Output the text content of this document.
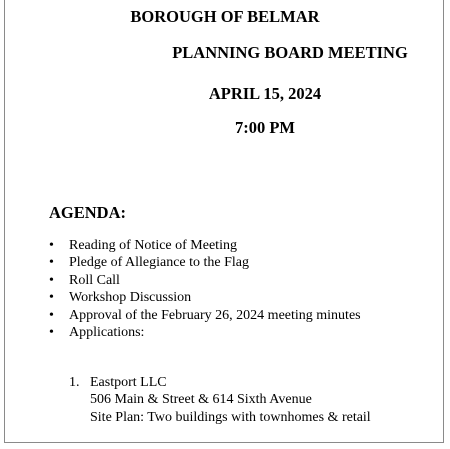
BOROUGH OF BELMAR
PLANNING BOARD MEETING
APRIL 15, 2024
7:00 PM
AGENDA:
• Reading of Notice of Meeting
• Pledge of Allegiance to the Flag
• Roll Call
• Workshop Discussion
• Approval of the February 26, 2024 meeting minutes
• Applications:
1. Eastport LLC
506 Main & Street & 614 Sixth Avenue
Site Plan: Two buildings with townhomes & retail
